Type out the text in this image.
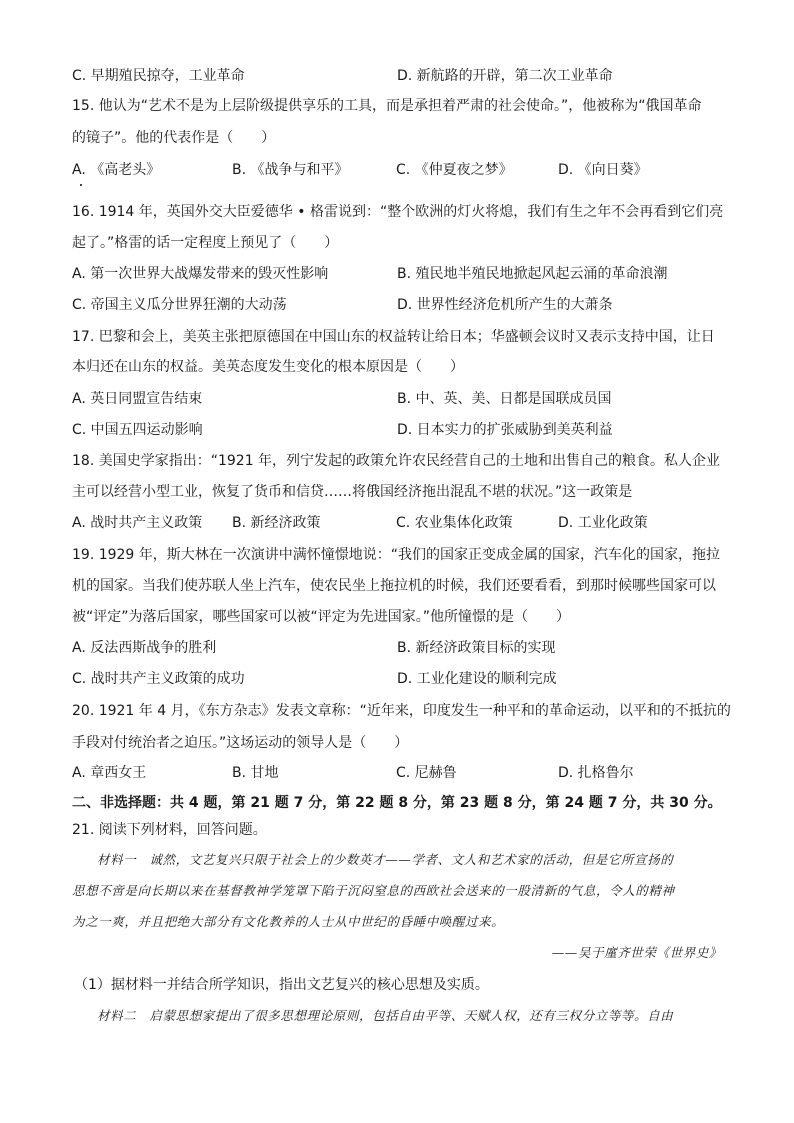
C. 早期殖民掠夺，工业革命	D. 新航路的开辟，第二次工业革命
15. 他认为“艺术不是为上层阶级提供享乐的工具，而是承担着严肃的社会使命。”，他被称为“俄国革命
的镜子”。他的代表作是（　　）
A. 《高老头》	B. 《战争与和平》	C. 《仲夏夜之梦》	D. 《向日葵》
16. 1914 年，英国外交大臣爱德华 • 格雷说到：“整个欧洲的灯火将熄，我们有生之年不会再看到它们亮
起了。”格雷的话一定程度上预见了（　　）
A. 第一次世界大战爆发带来的毁灭性影响	B. 殖民地半殖民地掀起风起云涌的革命浪潮
C. 帝国主义瓜分世界狂潮的大动荡	D. 世界性经济危机所产生的大萧条
17. 巴黎和会上，美英主张把原德国在中国山东的权益转让给日本；华盛顿会议时又表示支持中国，让日
本归还在山东的权益。美英态度发生变化的根本原因是（　　）
A. 英日同盟宣告结束	B. 中、英、美、日都是国联成员国
C. 中国五四运动影响	D. 日本实力的扩张威胁到美英利益
18. 美国史学家指出：“1921 年，列宁发起的政策允许农民经营自己的土地和出售自己的粮食。私人企业
主可以经营小型工业，恢复了货币和信贷……将俄国经济拖出混乱不堪的状况。”这一政策是
A. 战时共产主义政策 B. 新经济政策	C. 农业集体化政策	D. 工业化政策
19. 1929 年，斯大林在一次演讲中满怀憧憬地说：“我们的国家正变成金属的国家，汽车化的国家，拖拉
机的国家。当我们使苏联人坐上汽车，使农民坐上拖拉机的时候，我们还要看看，到那时候哪些国家可以
被“评定”为落后国家，哪些国家可以被“评定为先进国家。”他所憧憬的是（　　）
A. 反法西斯战争的胜利	B. 新经济政策目标的实现
C. 战时共产主义政策的成功	D. 工业化建设的顺利完成
20. 1921 年 4 月，《东方杂志》发表文章称：“近年来，印度发生一种平和的革命运动，以平和的不抵抗的
手段对付统治者之迫压。”这场运动的领导人是（　　）
A. 章西女王	B. 甘地	C. 尼赫鲁	D. 扎格鲁尔
二、非选择题：共 4 题，第 21 题 7 分，第 22 题 8 分，第 23 题 8 分，第 24 题 7 分，共 30 分。
21. 阅读下列材料，回答问题。
材料一　诚然，文艺复兴只限于社会上的少数英才——学者、文人和艺术家的活动，但是它所宣扬的
思想不啻是向长期以来在基督教神学笼罩下陷于沉闷窒息的西欧社会送来的一股清新的气息，令人的精神
为之一爽，并且把绝大部分有文化教养的人士从中世纪的昏睡中唤醒过来。
——吴于廑齐世荣《世界史》
（1）据材料一并结合所学知识，指出文艺复兴的核心思想及实质。
材料二　启蒙思想家提出了很多思想理论原则，包括自由平等、天赋人权，还有三权分立等等。自由
